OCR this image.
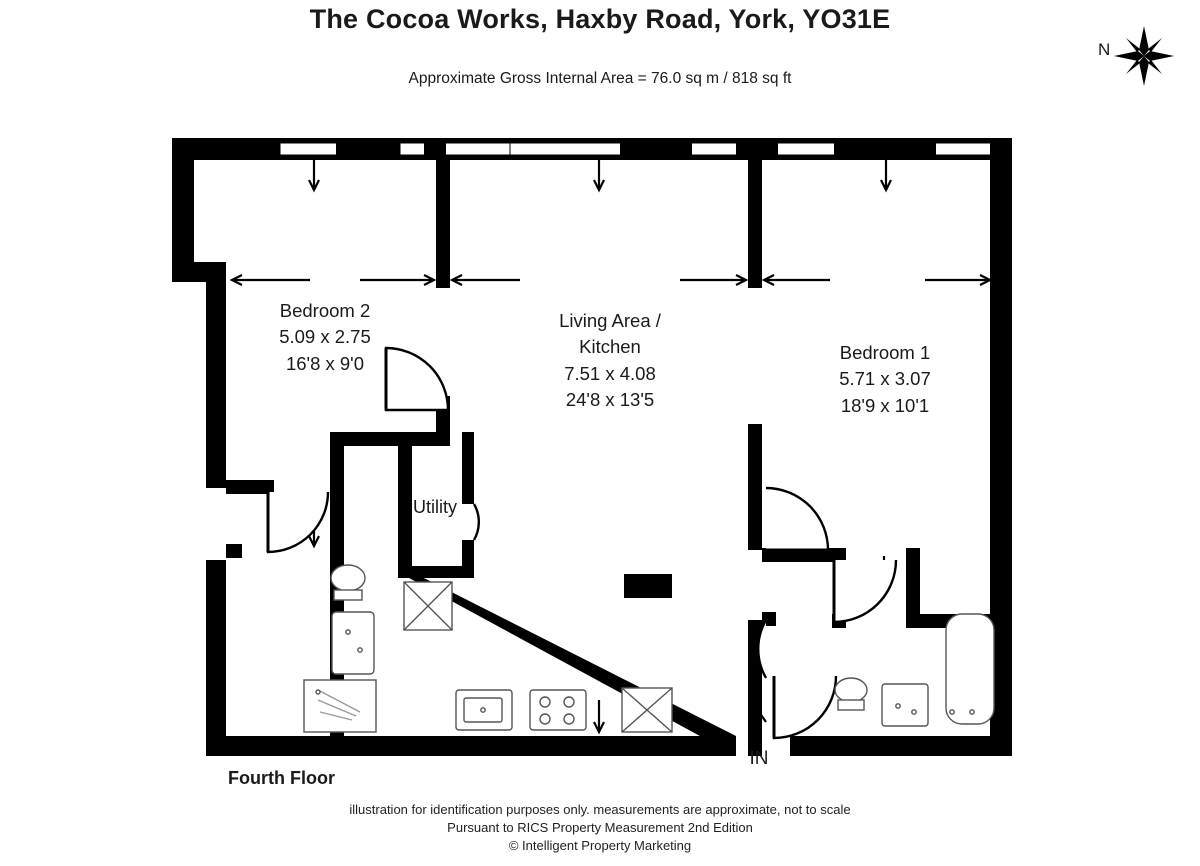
The Cocoa Works, Haxby Road, York, YO31E
Approximate Gross Internal Area = 76.0 sq m / 818 sq ft
N
Bedroom 2
5.09 x 2.75
16'8 x 9'0
Living Area /
Kitchen
7.51 x 4.08
24'8 x 13'5
Bedroom 1
5.71 x 3.07
18'9 x 10'1
Utility
IN
Fourth Floor
illustration for identification purposes only. measurements are approximate, not to scale
Pursuant to RICS Property Measurement 2nd Edition
© Intelligent Property Marketing
